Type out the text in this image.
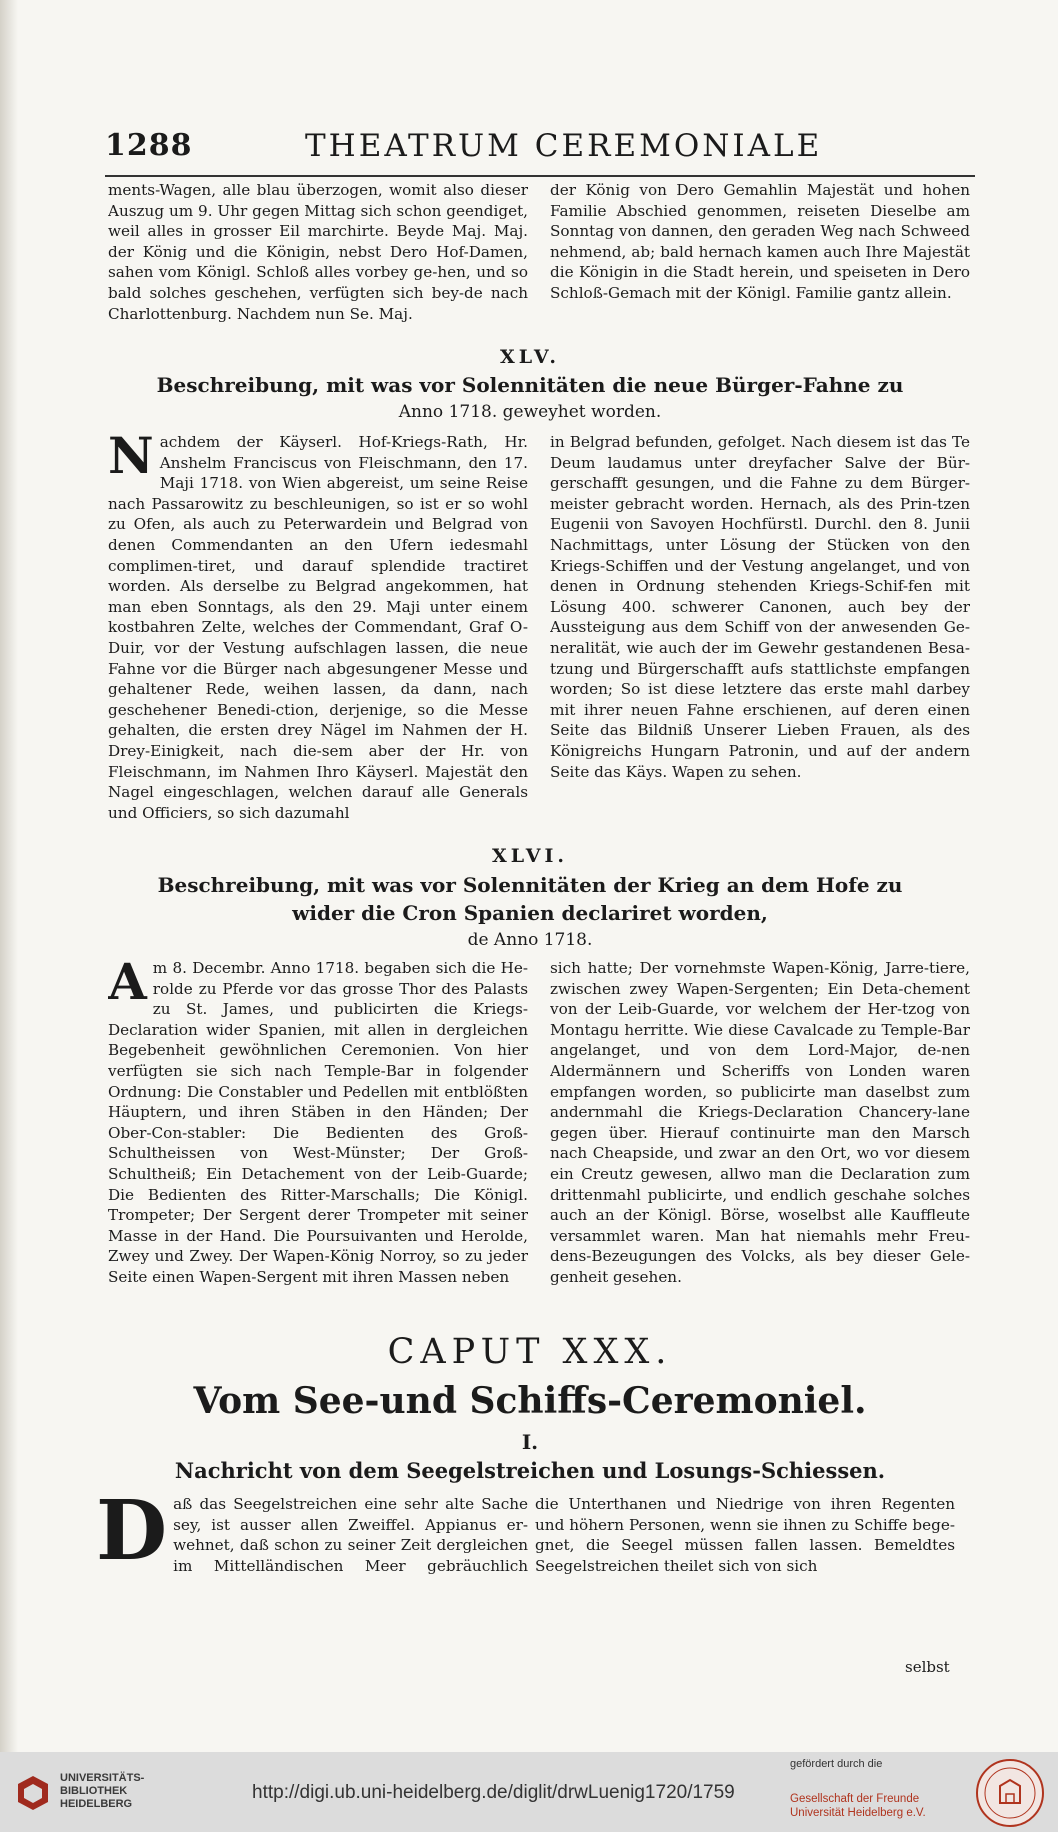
1288	THEATRUM CEREMONIALE

ments-Wagen, alle blau überzogen, womit also dieser Auszug um 9. Uhr gegen Mittag sich schon geendiget, weil alles in grosser Eil marchirte. Beyde Maj. Maj. der König und die Königin, nebst Dero Hof-Damen, sahen vom Königl. Schloß alles vorbey ge-hen, und so bald solches geschehen, verfügten sich bey-de nach Charlottenburg. Nachdem nun Se. Maj.

der König von Dero Gemahlin Majestät und hohen Familie Abschied genommen, reiseten Dieselbe am Sonntag von dannen, den geraden Weg nach Schweed nehmend, ab; bald hernach kamen auch Ihre Majestät die Königin in die Stadt herein, und speiseten in Dero Schloß-Gemach mit der Königl. Familie gantz allein.

XLV.
Beschreibung, mit was vor Solennitäten die neue Bürger-Fahne zu
Anno 1718. geweyhet worden.
N achdem der Käyserl. Hof-Kriegs-Rath, Hr. Anshelm Franciscus von Fleischmann, den 17. Maji 1718. von Wien abgereist, um seine Reise nach Passarowitz zu beschleunigen, so ist er so wohl zu Ofen, als auch zu Peterwardein und Belgrad von denen Commendanten an den Ufern iedesmahl complimen-tiret, und darauf splendide tractiret worden. Als derselbe zu Belgrad angekommen, hat man eben Sonntags, als den 29. Maji unter einem kostbahren Zelte, welches der Commendant, Graf O-Duir, vor der Vestung aufschlagen lassen, die neue Fahne vor die Bürger nach abgesungener Messe und gehaltener Rede, weihen lassen, da dann, nach geschehener Benedi-ction, derjenige, so die Messe gehalten, die ersten drey Nägel im Nahmen der H. Drey-Einigkeit, nach die-sem aber der Hr. von Fleischmann, im Nahmen Ihro Käyserl. Majestät den Nagel eingeschlagen, welchen darauf alle Generals und Officiers, so sich dazumahl

in Belgrad befunden, gefolget. Nach diesem ist das Te Deum laudamus unter dreyfacher Salve der Bür-gerschafft gesungen, und die Fahne zu dem Bürger-meister gebracht worden. Hernach, als des Prin-tzen Eugenii von Savoyen Hochfürstl. Durchl. den 8. Junii Nachmittags, unter Lösung der Stücken von den Kriegs-Schiffen und der Vestung angelanget, und von denen in Ordnung stehenden Kriegs-Schif-fen mit Lösung 400. schwerer Canonen, auch bey der Aussteigung aus dem Schiff von der anwesenden Ge-neralität, wie auch der im Gewehr gestandenen Besa-tzung und Bürgerschafft aufs stattlichste empfangen worden; So ist diese letztere das erste mahl darbey mit ihrer neuen Fahne erschienen, auf deren einen Seite das Bildniß Unserer Lieben Frauen, als des Königreichs Hungarn Patronin, und auf der andern Seite das Käys. Wapen zu sehen.

XLVI.
Beschreibung, mit was vor Solennitäten der Krieg an dem Hofe zu
wider die Cron Spanien declariret worden,
de Anno 1718.
A m 8. Decembr. Anno 1718. begaben sich die He-rolde zu Pferde vor das grosse Thor des Palasts zu St. James, und publicirten die Kriegs-Declaration wider Spanien, mit allen in dergleichen Begebenheit gewöhnlichen Ceremonien. Von hier verfügten sie sich nach Temple-Bar in folgender Ordnung: Die Constabler und Pedellen mit entblößten Häuptern, und ihren Stäben in den Händen; Der Ober-Con-stabler: Die Bedienten des Groß-Schultheissen von West-Münster; Der Groß-Schultheiß; Ein Detachement von der Leib-Guarde; Die Bedienten des Ritter-Marschalls; Die Königl. Trompeter; Der Sergent derer Trompeter mit seiner Masse in der Hand. Die Poursuivanten und Herolde, Zwey und Zwey. Der Wapen-König Norroy, so zu jeder Seite einen Wapen-Sergent mit ihren Massen neben

sich hatte; Der vornehmste Wapen-König, Jarre-tiere, zwischen zwey Wapen-Sergenten; Ein Deta-chement von der Leib-Guarde, vor welchem der Her-tzog von Montagu herritte. Wie diese Cavalcade zu Temple-Bar angelanget, und von dem Lord-Major, de-nen Aldermännern und Scheriffs von Londen waren empfangen worden, so publicirte man daselbst zum andernmahl die Kriegs-Declaration Chancery-lane gegen über. Hierauf continuirte man den Marsch nach Cheapside, und zwar an den Ort, wo vor diesem ein Creutz gewesen, allwo man die Declaration zum drittenmahl publicirte, und endlich geschahe solches auch an der Königl. Börse, woselbst alle Kauffleute versammlet waren. Man hat niemahls mehr Freu-dens-Bezeugungen des Volcks, als bey dieser Gele-genheit gesehen.

CAPUT XXX.
Vom See-und Schiffs-Ceremoniel.
I.
Nachricht von dem Seegelstreichen und Losungs-Schiessen.
D aß das Seegelstreichen eine sehr alte Sache sey, ist ausser allen Zweiffel. Appianus er-wehnet, daß schon zu seiner Zeit dergleichen im Mittelländischen Meer gebräuchlich

die Unterthanen und Niedrige von ihren Regenten und höhern Personen, wenn sie ihnen zu Schiffe bege-gnet, die Seegel müssen fallen lassen. Bemeldtes Seegelstreichen theilet sich von sich

selbst
UNIVERSITÄTS-
BIBLIOTHEK
HEIDELBERG
http://digi.ub.uni-heidelberg.de/diglit/drwLuenig1720/1759
gefördert durch die
Gesellschaft der Freunde
Universität Heidelberg e.V.
